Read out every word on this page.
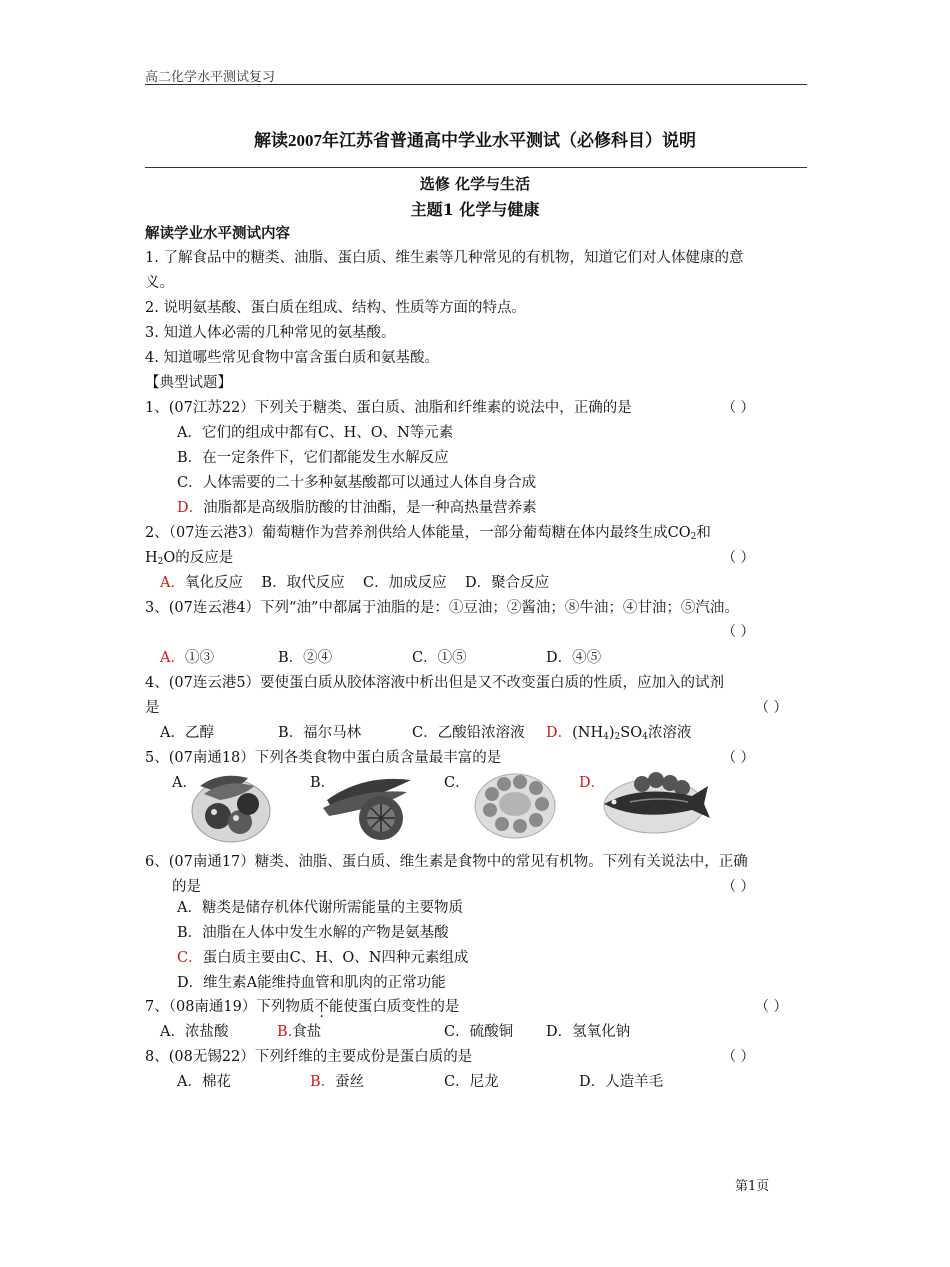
高二化学水平测试复习
解读2007年江苏省普通高中学业水平测试（必修科目）说明
选修 化学与生活
主题1 化学与健康
解读学业水平测试内容
1. 了解食品中的糖类、油脂、蛋白质、维生素等几种常见的有机物，知道它们对人体健康的意
义。
2. 说明氨基酸、蛋白质在组成、结构、性质等方面的特点。
3. 知道人体必需的几种常见的氨基酸。
4. 知道哪些常见食物中富含蛋白质和氨基酸。
【典型试题】
1、(07江苏22）下列关于糖类、蛋白质、油脂和纤维素的说法中，正确的是	（ ）
A．它们的组成中都有C、H、O、N等元素
B．在一定条件下，它们都能发生水解反应
C．人体需要的二十多种氨基酸都可以通过人体自身合成
D．油脂都是高级脂肪酸的甘油酯，是一种高热量营养素
2、（07连云港3）葡萄糖作为营养剂供给人体能量，一部分葡萄糖在体内最终生成$CO_2$和
$H_2O$的反应是	（ ）
A．氧化反应    B．取代反应    C．加成反应    D．聚合反应
3、(07连云港4）下列“油”中都属于油脂的是：①豆油；②酱油；⑧牛油；④甘油；⑤汽油。
（ ）
A．①③	B．②④	C．①⑤	D．④⑤
4、(07连云港5）要使蛋白质从胶体溶液中析出但是又不改变蛋白质的性质，应加入的试剂
是	（ ）
A．乙醇	B．福尔马林	C．乙酸铅浓溶液 D．$(NH_4)_2SO_4$浓溶液
5、(07南通18）下列各类食物中蛋白质含量最丰富的是	（ ）
A．	B．	C．	D．
6、(07南通17）糖类、油脂、蛋白质、维生素是食物中的常见有机物。下列有关说法中，正确
的是	（ ）
A．糖类是储存机体代谢所需能量的主要物质
B．油脂在人体中发生水解的产物是氨基酸
C．蛋白质主要由C、H、O、N四种元素组成
D．维生素A能维持血管和肌肉的正常功能
7、（08南通19）下列物质不能使蛋白质变性的是	（ ）
A．浓盐酸	B.食盐	C．硫酸铜 D．氢氧化钠
8、(08无锡22）下列纤维的主要成份是蛋白质的是	（ ）
A．棉花	B．蚕丝	C．尼龙	D．人造羊毛
第1页
